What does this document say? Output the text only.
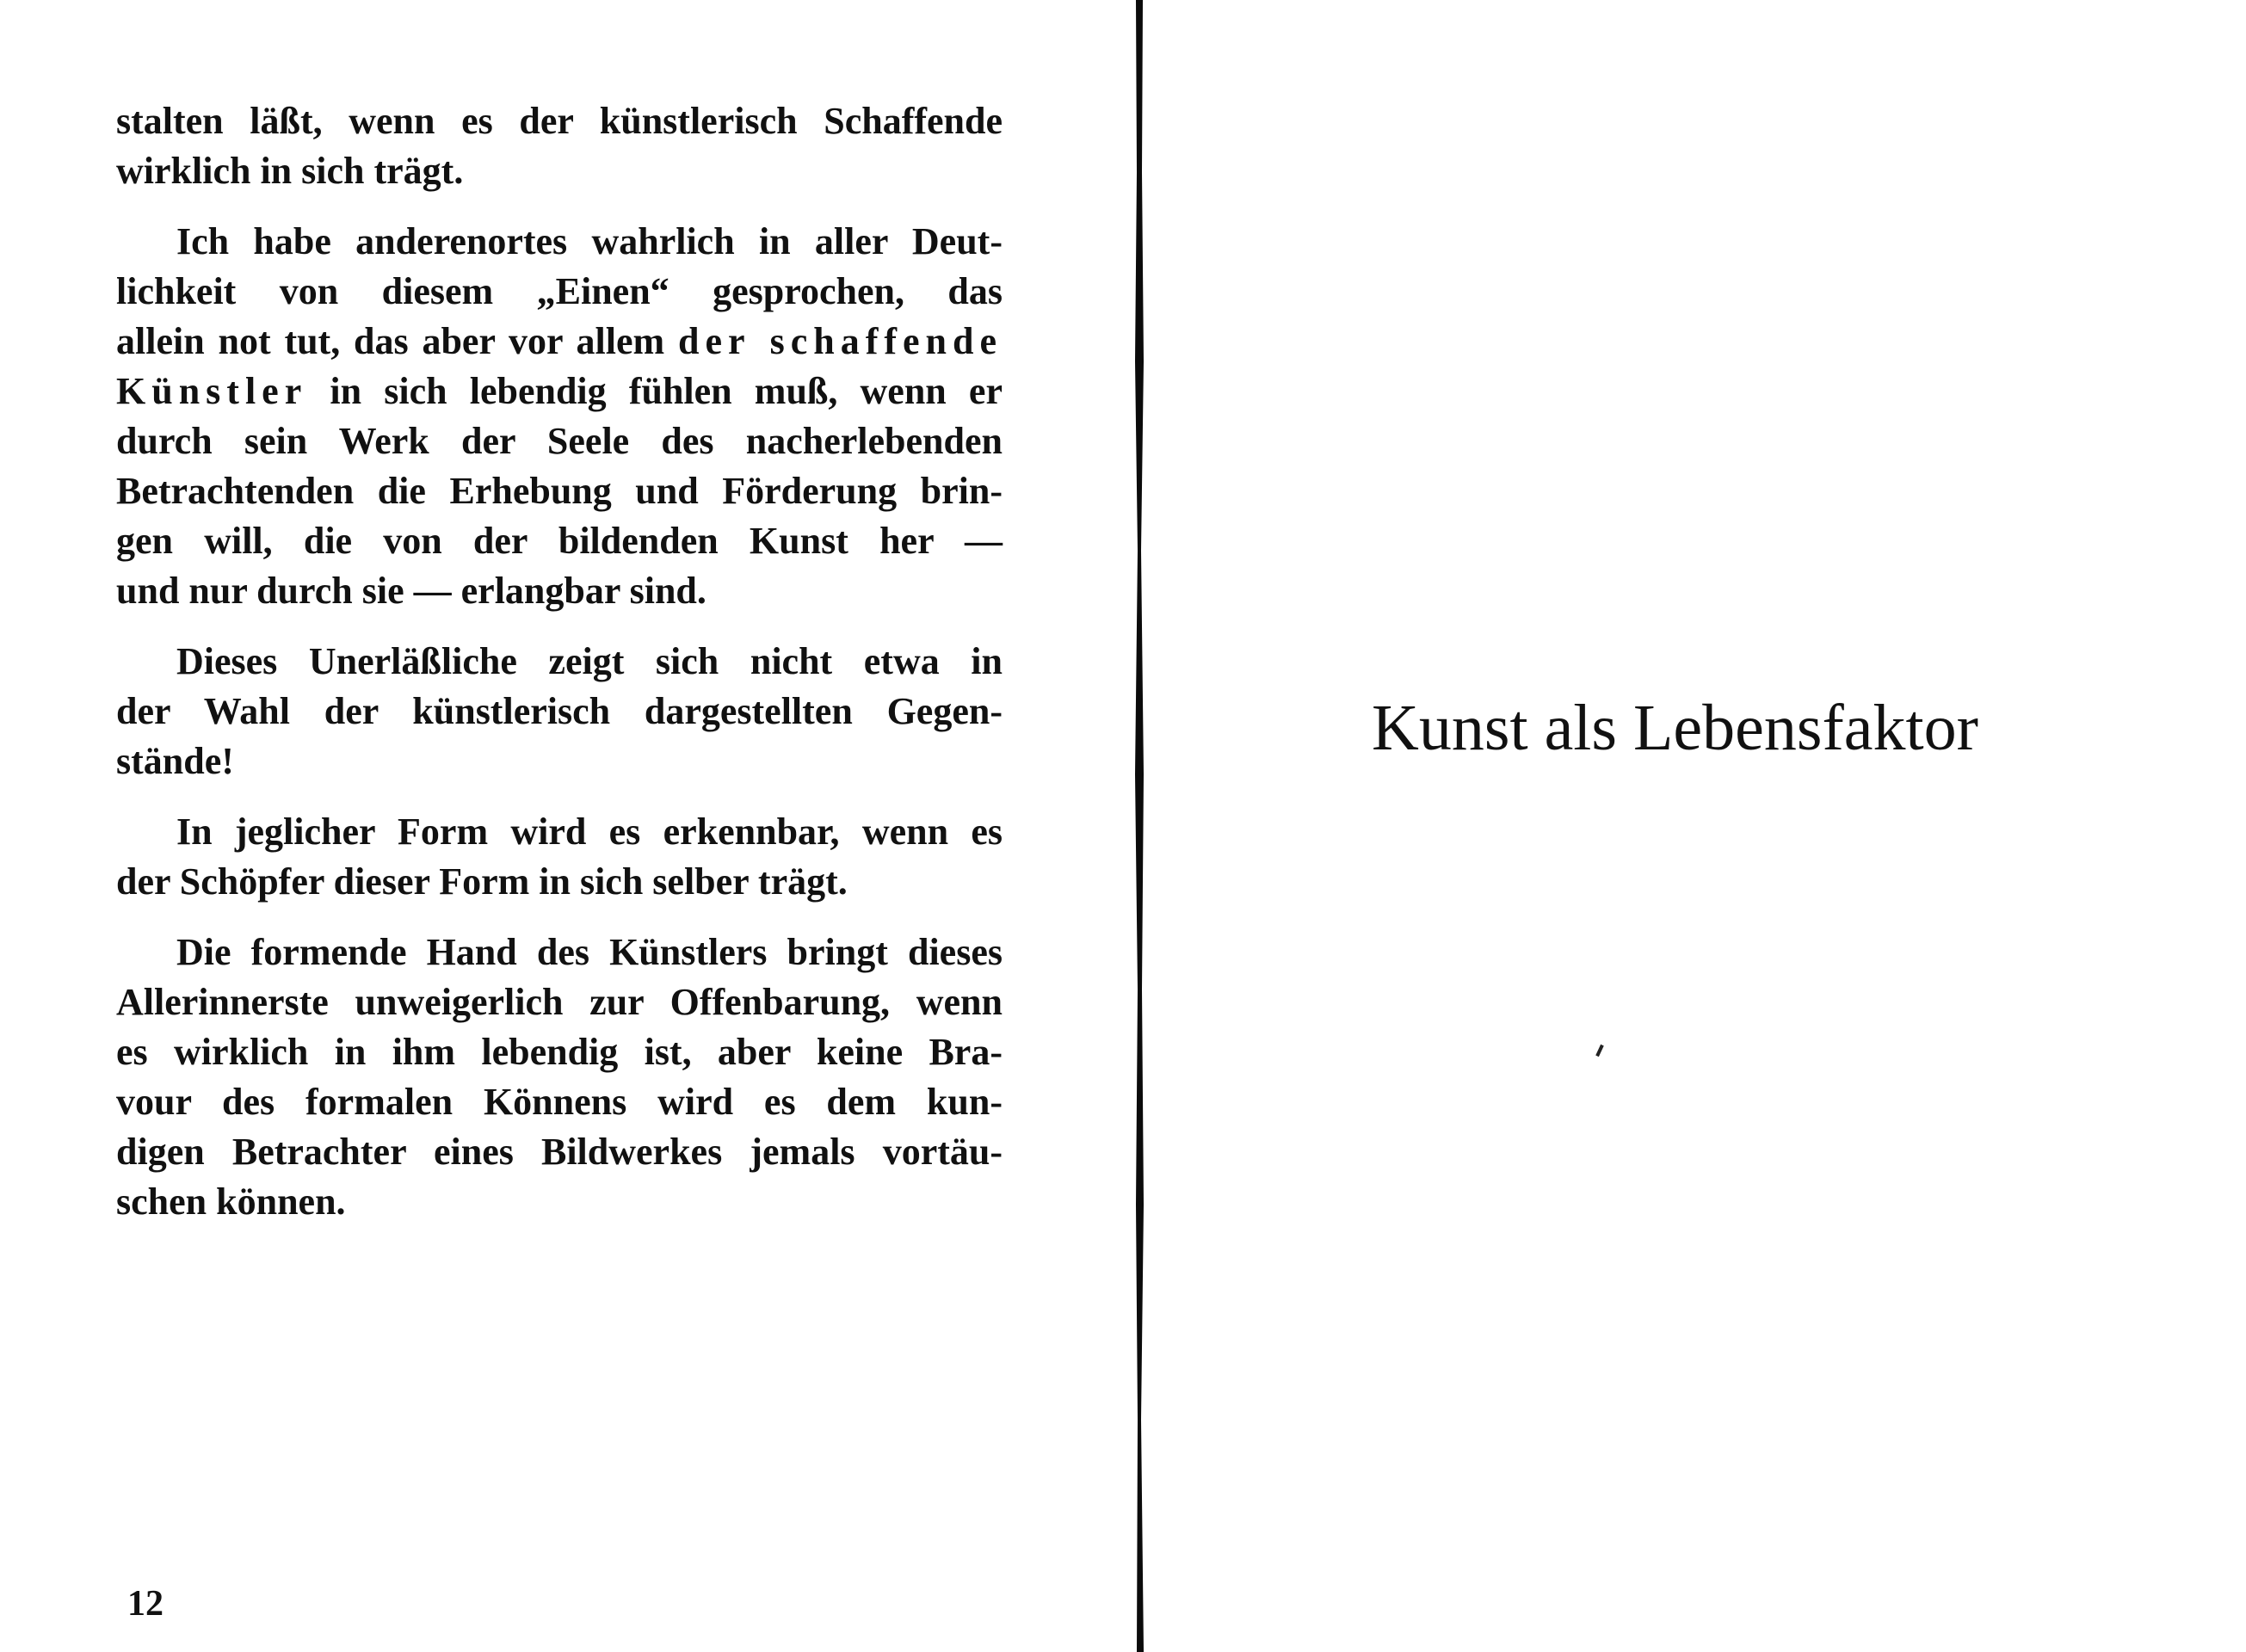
stalten läßt, wenn es der künstlerisch Schaffende
wirklich in sich trägt.

Ich habe anderenortes wahrlich in aller Deut-
lichkeit von diesem „Einen“ gesprochen, das
allein not tut, das aber vor allem der schaffende
Künstler in sich lebendig fühlen muß, wenn er
durch sein Werk der Seele des nacherlebenden
Betrachtenden die Erhebung und Förderung brin-
gen will, die von der bildenden Kunst her —
und nur durch sie — erlangbar sind.

Dieses Unerläßliche zeigt sich nicht etwa in
der Wahl der künstlerisch dargestellten Gegen-
stände!

In jeglicher Form wird es erkennbar, wenn es
der Schöpfer dieser Form in sich selber trägt.

Die formende Hand des Künstlers bringt dieses
Allerinnerste unweigerlich zur Offenbarung, wenn
es wirklich in ihm lebendig ist, aber keine Bra-
vour des formalen Könnens wird es dem kun-
digen Betrachter eines Bildwerkes jemals vortäu-
schen können.

12
Kunst als Lebensfaktor
